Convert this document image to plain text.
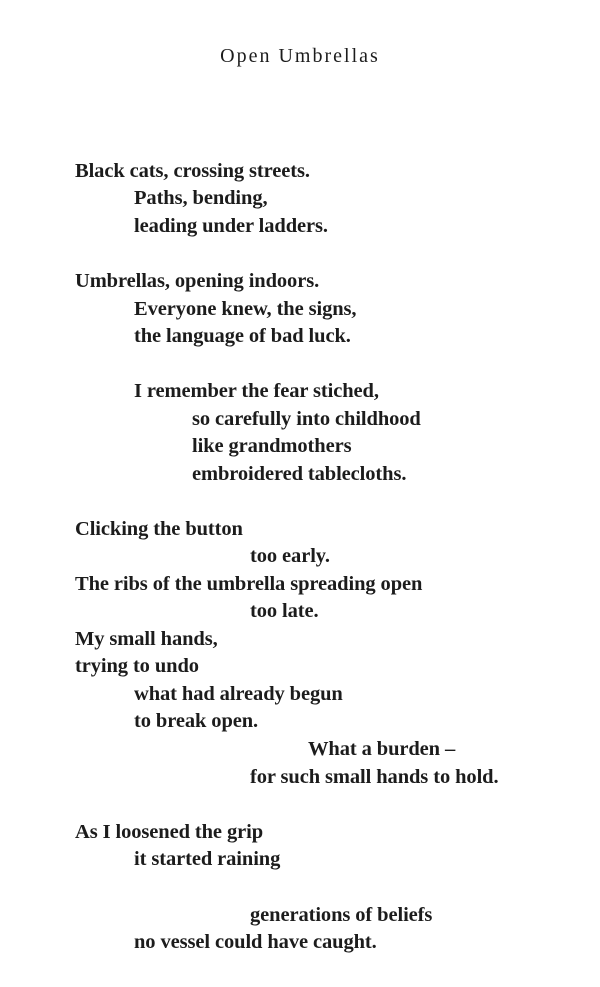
Open Umbrellas
Black cats, crossing streets.
Paths, bending,
leading under ladders.
Umbrellas, opening indoors.
Everyone knew, the signs,
the language of bad luck.
I remember the fear stiched,
so carefully into childhood
like grandmothers
embroidered tablecloths.
Clicking the button
too early.
The ribs of the umbrella spreading open
too late.
My small hands,
trying to undo
what had already begun
to break open.
What a burden –
for such small hands to hold.
As I loosened the grip
it started raining
generations of beliefs
no vessel could have caught.
